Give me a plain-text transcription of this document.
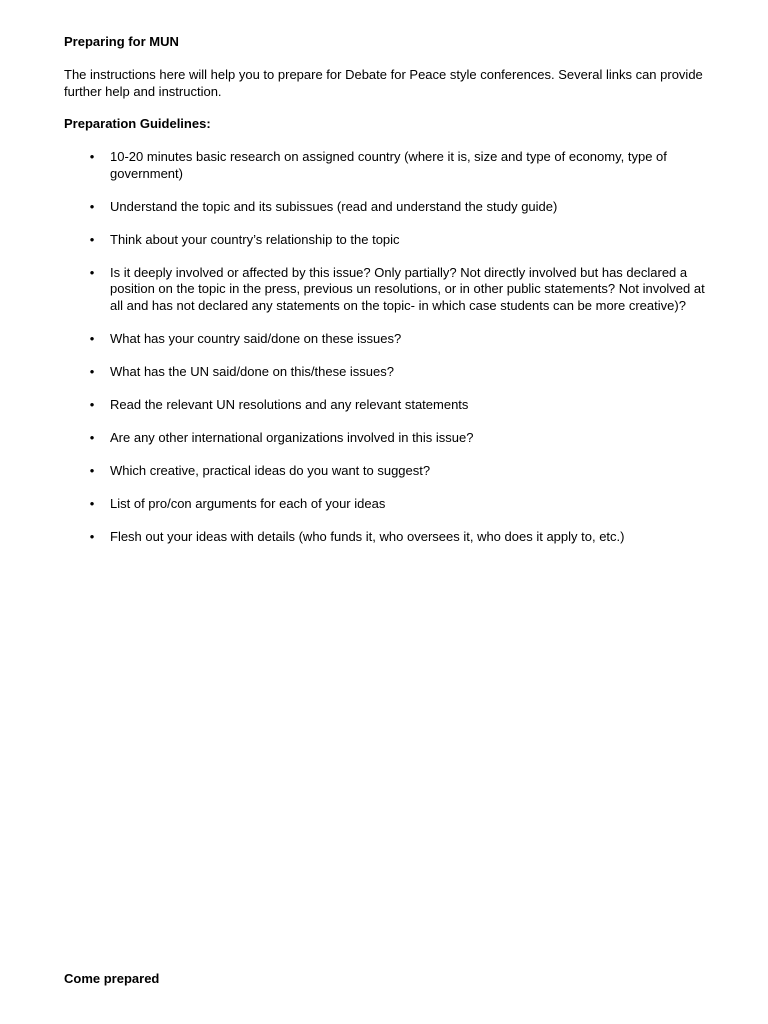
Preparing for MUN

The instructions here will help you to prepare for Debate for Peace style conferences. Several links can provide further help and instruction.

Preparation Guidelines:
• 10-20 minutes basic research on assigned country (where it is, size and type of economy, type of government)
• Understand the topic and its subissues (read and understand the study guide)
• Think about your country’s relationship to the topic
• Is it deeply involved or affected by this issue? Only partially? Not directly involved but has declared a position on the topic in the press, previous un resolutions, or in other public statements? Not involved at all and has not declared any statements on the topic- in which case students can be more creative)?
• What has your country said/done on these issues?
• What has the UN said/done on this/these issues?
• Read the relevant UN resolutions and any relevant statements
• Are any other international organizations involved in this issue?
• Which creative, practical ideas do you want to suggest?
• List of pro/con arguments for each of your ideas
• Flesh out your ideas with details (who funds it, who oversees it, who does it apply to, etc.)

Come prepared
